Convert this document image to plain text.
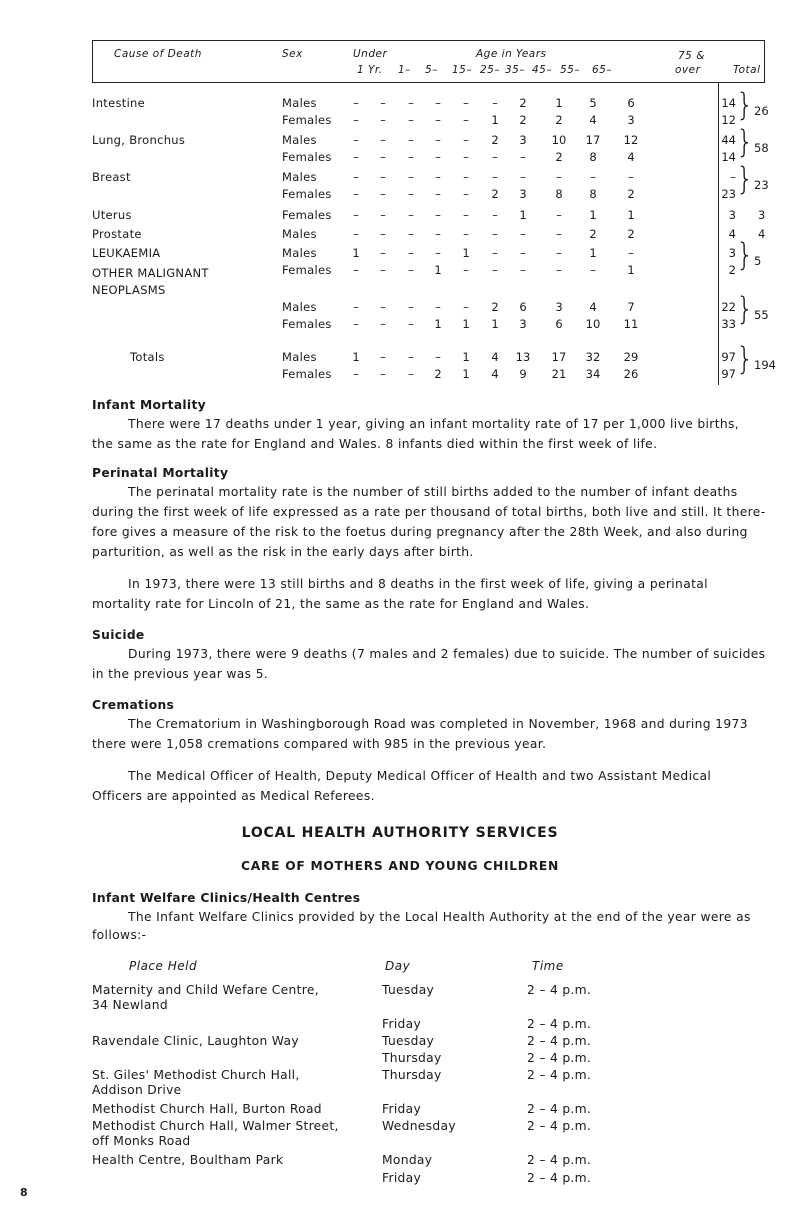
Cause of Death	Sex	Under
1 Yr.
Age in Years	75 &
over	Total
1– 5– 15– 25– 35– 45– 55– 65–
Intestine	Males	–	–	–	–	–	–	2	1	5	6	14
Females	–	–	–	–	–	1	2	2	4	3	12 } 26
Lung, Bronchus	Males	–	–	–	–	–	2	3	10	17	12	44
Females	–	–	–	–	–	–	–	2	8	4	14 } 58
Breast	Males	–	–	–	–	–	–	–	–	–	–	–
Females	–	–	–	–	–	2	3	8	8	2	23 } 23
Uterus	Females	–	–	–	–	–	–	1	–	1	1	3 3
Prostate	Males	–	–	–	–	–	–	–	–	2	2	4 4
LEUKAEMIA	Males	1	–	–	–	1	–	–	–	1	–	3
Females	–	–	–	1	–	–	–	–	–	1	2 } 5
OTHER MALIGNANT
NEOPLASMS
Males	–	–	–	–	–	2	6	3	4	7	22
Females	–	–	–	1	1	1	3	6	10	11	33 } 55
Totals	Males	1	–	–	–	1	4	13	17	32	29	97
Females	–	–	–	2	1	4	9	21	34	26	97 } 194
Infant Mortality
There were 17 deaths under 1 year, giving an infant mortality rate of 17 per 1,000 live births,
the same as the rate for England and Wales. 8 infants died within the first week of life.
Perinatal Mortality
The perinatal mortality rate is the number of still births added to the number of infant deaths
during the first week of life expressed as a rate per thousand of total births, both live and still. It there-
fore gives a measure of the risk to the foetus during pregnancy after the 28th Week, and also during
parturition, as well as the risk in the early days after birth.
In 1973, there were 13 still births and 8 deaths in the first week of life, giving a perinatal
mortality rate for Lincoln of 21, the same as the rate for England and Wales.
Suicide
During 1973, there were 9 deaths (7 males and 2 females) due to suicide. The number of suicides
in the previous year was 5.
Cremations
The Crematorium in Washingborough Road was completed in November, 1968 and during 1973
there were 1,058 cremations compared with 985 in the previous year.
The Medical Officer of Health, Deputy Medical Officer of Health and two Assistant Medical
Officers are appointed as Medical Referees.
LOCAL HEALTH AUTHORITY SERVICES
CARE OF MOTHERS AND YOUNG CHILDREN
Infant Welfare Clinics/Health Centres
The Infant Welfare Clinics provided by the Local Health Authority at the end of the year were as
follows:-
Place Held	Day	Time
Maternity and Child Wefare Centre,
34 Newland
Tuesday	2 – 4 p.m.
Friday	2 – 4 p.m.
Ravendale Clinic, Laughton Way	Tuesday	2 – 4 p.m.
Thursday	2 – 4 p.m.
St. Giles' Methodist Church Hall,
Addison Drive
Thursday	2 – 4 p.m.
Methodist Church Hall, Burton Road	Friday	2 – 4 p.m.
Methodist Church Hall, Walmer Street,
off Monks Road
Wednesday	2 – 4 p.m.
Health Centre, Boultham Park	Monday	2 – 4 p.m.
Friday	2 – 4 p.m.
8
